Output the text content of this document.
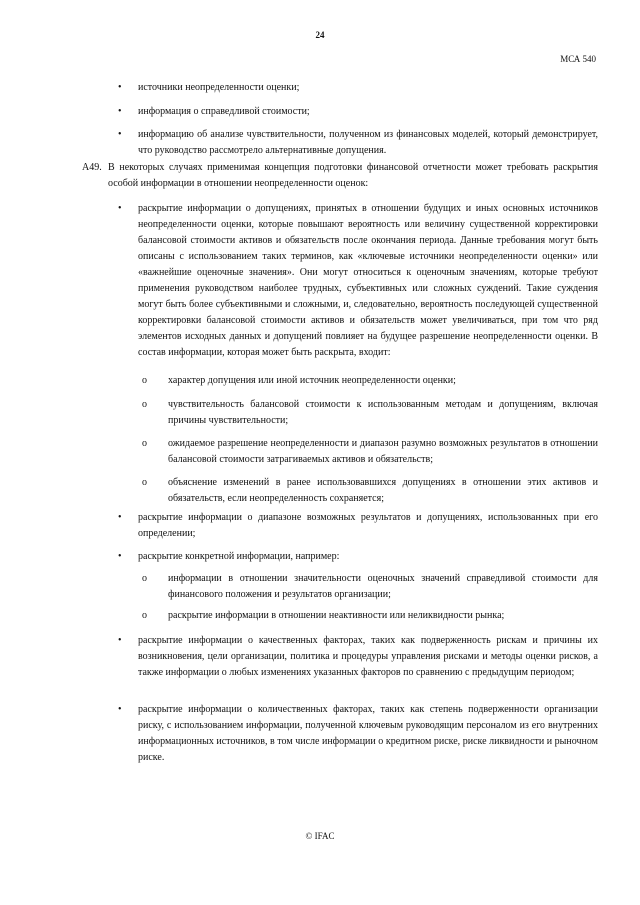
24
МСА 540
• источники неопределенности оценки;
• информация о справедливой стоимости;
• информацию об анализе чувствительности, полученном из финансовых моделей, который демонстрирует, что руководство рассмотрело альтернативные допущения.
А49. В некоторых случаях применимая концепция подготовки финансовой отчетности может требовать раскрытия особой информации в отношении неопределенности оценок:
• раскрытие информации о допущениях, принятых в отношении будущих и иных основных источников неопределенности оценки, которые повышают вероятность или величину существенной корректировки балансовой стоимости активов и обязательств после окончания периода. Данные требования могут быть описаны с использованием таких терминов, как «ключевые источники неопределенности оценки» или «важнейшие оценочные значения». Они могут относиться к оценочным значениям, которые требуют применения руководством наиболее трудных, субъективных или сложных суждений. Такие суждения могут быть более субъективными и сложными, и, следовательно, вероятность последующей существенной корректировки балансовой стоимости активов и обязательств может увеличиваться, при том что ряд элементов исходных данных и допущений повлияет на будущее разрешение неопределенности оценки. В состав информации, которая может быть раскрыта, входит:
o характер допущения или иной источник неопределенности оценки;
o чувствительность балансовой стоимости к использованным методам и допущениям, включая причины чувствительности;
o ожидаемое разрешение неопределенности и диапазон разумно возможных результатов в отношении балансовой стоимости затрагиваемых активов и обязательств;
o объяснение изменений в ранее использовавшихся допущениях в отношении этих активов и обязательств, если неопределенность сохраняется;
• раскрытие информации о диапазоне возможных результатов и допущениях, использованных при его определении;
• раскрытие конкретной информации, например:
o информации в отношении значительности оценочных значений справедливой стоимости для финансового положения и результатов организации;
o раскрытие информации в отношении неактивности или неликвидности рынка;
• раскрытие информации о качественных факторах, таких как подверженность рискам и причины их возникновения, цели организации, политика и процедуры управления рисками и методы оценки рисков, а также информации о любых изменениях указанных факторов по сравнению с предыдущим периодом;
• раскрытие информации о количественных факторах, таких как степень подверженности организации риску, с использованием информации, полученной ключевым руководящим персоналом из его внутренних информационных источников, в том числе информации о кредитном риске, риске ликвидности и рыночном риске.
© IFAC
